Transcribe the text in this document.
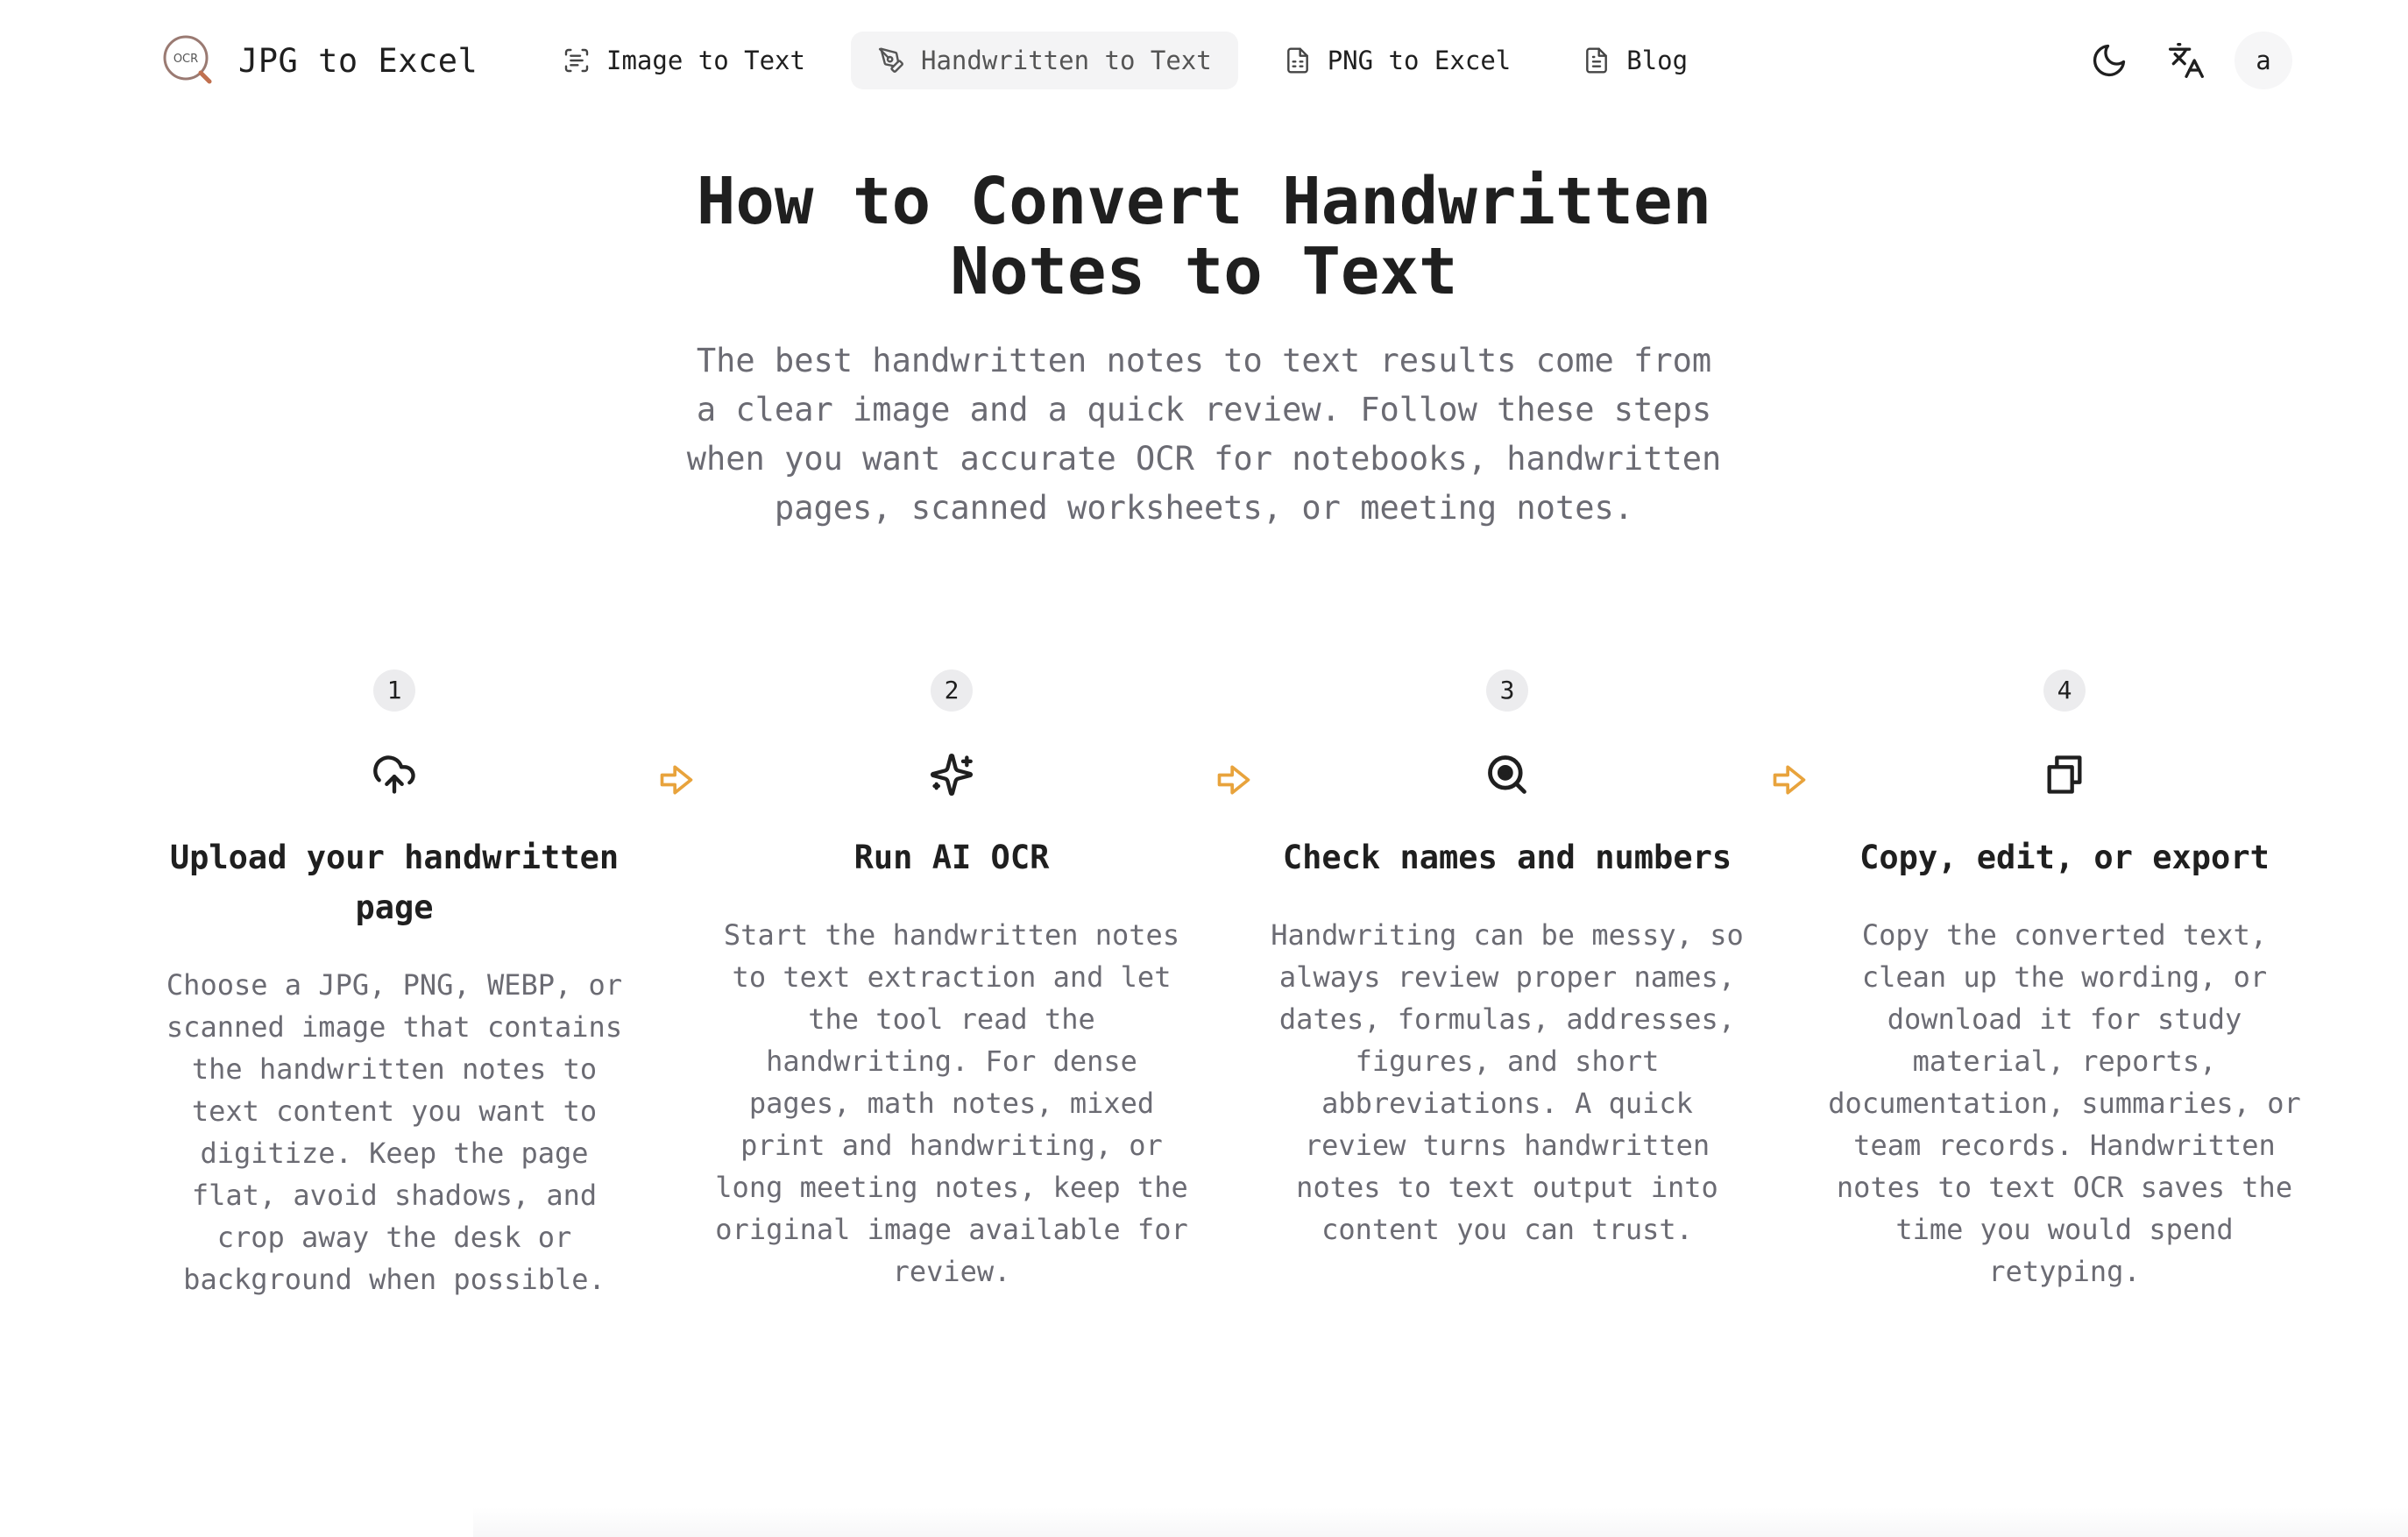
OCR JPG to Excel	Image to Text	Handwritten to Text	PNG to Excel	Blog	a
How to Convert Handwritten Notes to Text

The best handwritten notes to text results come from a clear image and a quick review. Follow these steps when you want accurate OCR for notebooks, handwritten pages, scanned worksheets, or meeting notes.

1
Upload your handwritten page
Choose a JPG, PNG, WEBP, or scanned image that contains the handwritten notes to text content you want to digitize. Keep the page flat, avoid shadows, and crop away the desk or background when possible.
2
Run AI OCR
Start the handwritten notes to text extraction and let the tool read the handwriting. For dense pages, math notes, mixed print and handwriting, or long meeting notes, keep the original image available for review.
3
Check names and numbers
Handwriting can be messy, so always review proper names, dates, formulas, addresses, figures, and short abbreviations. A quick review turns handwritten notes to text output into content you can trust.
4
Copy, edit, or export
Copy the converted text, clean up the wording, or download it for study material, reports, documentation, summaries, or team records. Handwritten notes to text OCR saves the time you would spend retyping.
